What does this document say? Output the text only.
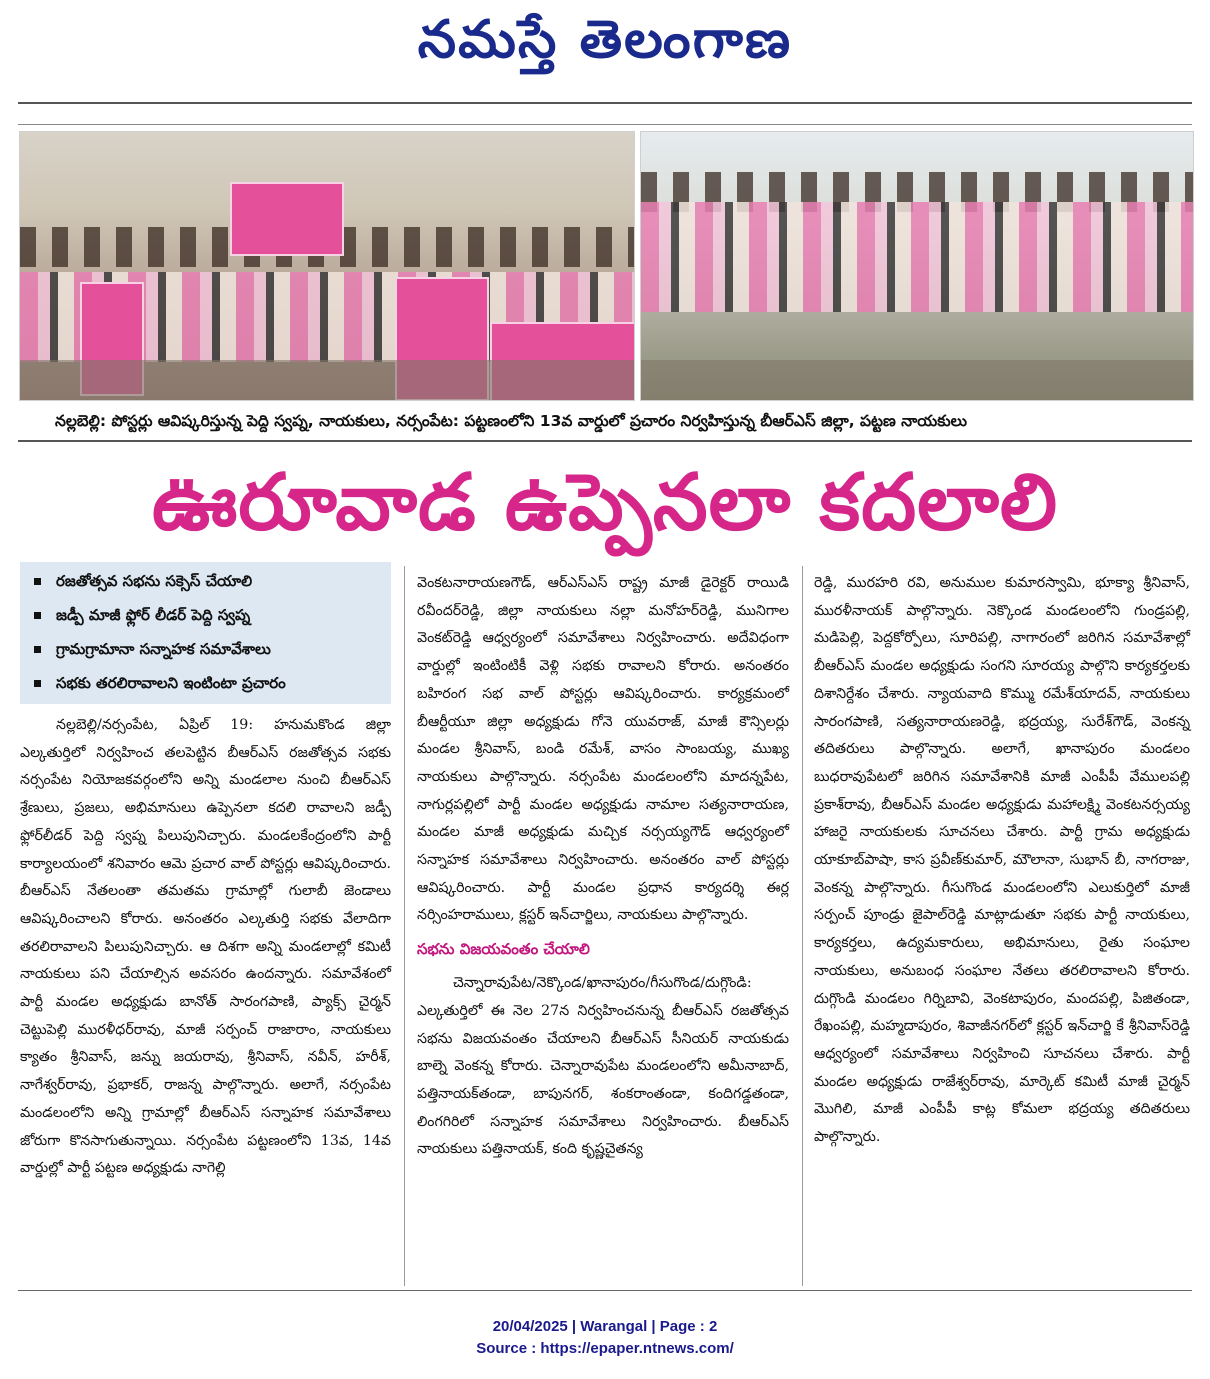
నమస్తే తెలంగాణ
నల్లబెల్లి: పోస్టర్లు ఆవిష్కరిస్తున్న పెద్ది స్వప్న, నాయకులు, నర్సంపేట: పట్టణంలోని 13వ వార్డులో ప్రచారం నిర్వహిస్తున్న బీఆర్ఎస్ జిల్లా, పట్టణ నాయకులు
ఊరూవాడ ఉప్పెనలా కదలాలి
రజతోత్సవ సభను సక్సెస్ చేయాలి
జడ్పీ మాజీ ఫ్లోర్ లీడర్ పెద్ది స్వప్న
గ్రామగ్రామానా సన్నాహక సమావేశాలు
సభకు తరలిరావాలని ఇంటింటా ప్రచారం

నల్లబెల్లి/నర్సంపేట, ఏప్రిల్ 19: హనుమకొండ జిల్లా ఎల్కతుర్తిలో నిర్వహించ తలపెట్టిన బీఆర్ఎస్ రజతోత్సవ సభకు నర్సంపేట నియోజకవర్గంలోని అన్ని మండలాల నుంచి బీఆర్ఎస్ శ్రేణులు, ప్రజలు, అభిమానులు ఉప్పెనలా కదలి రావాలని జడ్పీ ఫ్లోర్‌లీడర్ పెద్ది స్వప్న పిలుపునిచ్చారు. మండలకేంద్రంలోని పార్టీ కార్యాలయంలో శనివారం ఆమె ప్రచార వాల్ పోస్టర్లు ఆవిష్కరించారు. బీఆర్ఎస్ నేతలంతా తమతమ గ్రామాల్లో గులాబీ జెండాలు ఆవిష్కరించాలని కోరారు. అనంతరం ఎల్కతుర్తి సభకు వేలాదిగా తరలిరావాలని పిలుపునిచ్చారు. ఆ దిశగా అన్ని మండలాల్లో కమిటీ నాయకులు పని చేయాల్సిన అవసరం ఉందన్నారు. సమావేశంలో పార్టీ మండల అధ్యక్షుడు బానోత్ సారంగపాణి, ప్యాక్స్ చైర్మన్ చెట్టుపెల్లి మురళీధర్‌రావు, మాజీ సర్పంచ్ రాజారాం, నాయకులు క్యాతం శ్రీనివాస్, జన్ను జయరావు, శ్రీనివాస్, నవీన్, హరీశ్, నాగేశ్వర్‌రావు, ప్రభాకర్, రాజన్న పాల్గొన్నారు. అలాగే, నర్సంపేట మండలంలోని అన్ని గ్రామాల్లో బీఆర్ఎస్ సన్నాహక సమావేశాలు జోరుగా కొనసాగుతున్నాయి. నర్సంపేట పట్టణంలోని 13వ, 14వ వార్డుల్లో పార్టీ పట్టణ అధ్యక్షుడు నాగెల్లి

వెంకటనారాయణగౌడ్, ఆర్ఎస్ఎస్ రాష్ట్ర మాజీ డైరెక్టర్ రాయిడి రవీందర్‌రెడ్డి, జిల్లా నాయకులు నల్లా మనోహర్‌రెడ్డి, మునిగాల వెంకట్‌రెడ్డి ఆధ్వర్యంలో సమావేశాలు నిర్వహించారు. అదేవిధంగా వార్డుల్లో ఇంటింటికీ వెళ్లి సభకు రావాలని కోరారు. అనంతరం బహిరంగ సభ వాల్ పోస్టర్లు ఆవిష్కరించారు. కార్యక్రమంలో బీఆర్టీయూ జిల్లా అధ్యక్షుడు గోనె యువరాజ్, మాజీ కౌన్సిలర్లు మండల శ్రీనివాస్, బండి రమేశ్, వాసం సాంబయ్య, ముఖ్య నాయకులు పాల్గొన్నారు. నర్సంపేట మండలంలోని మాదన్నపేట, నాగుర్లపల్లిలో పార్టీ మండల అధ్యక్షుడు నామాల సత్యనారాయణ, మండల మాజీ అధ్యక్షుడు మచ్చిక నర్సయ్యగౌడ్ ఆధ్వర్యంలో సన్నాహక సమావేశాలు నిర్వహించారు. అనంతరం వాల్ పోస్టర్లు ఆవిష్కరించారు. పార్టీ మండల ప్రధాన కార్యదర్శి ఈర్ల నర్సింహరాములు, క్లస్టర్ ఇన్‌చార్జిలు, నాయకులు పాల్గొన్నారు.

సభను విజయవంతం చేయాలి

చెన్నారావుపేట/నెక్కొండ/ఖానాపురం/గీసుగొండ/దుగ్గొండి: ఎల్కతుర్తిలో ఈ నెల 27న నిర్వహించనున్న బీఆర్ఎస్ రజతోత్సవ సభను విజయవంతం చేయాలని బీఆర్ఎస్ సీనియర్ నాయకుడు బాల్నె వెంకన్న కోరారు. చెన్నారావుపేట మండలంలోని అమీనాబాద్, పత్తినాయక్‌తండా, బాపునగర్, శంకరాంతండా, కందిగడ్డతండా, లింగగిరిలో సన్నాహక సమావేశాలు నిర్వహించారు. బీఆర్ఎస్ నాయకులు పత్తినాయక్, కంది కృష్ణచైతన్య

రెడ్డి, మురహరి రవి, అనుముల కుమారస్వామి, భూక్యా శ్రీనివాస్, మురళీనాయక్ పాల్గొన్నారు. నెక్కొండ మండలంలోని గుండ్రపల్లి, మడిపెల్లి, పెద్దకోర్పోలు, సూరిపల్లి, నాగారంలో జరిగిన సమావేశాల్లో బీఆర్ఎస్ మండల అధ్యక్షుడు సంగని సూరయ్య పాల్గొని కార్యకర్తలకు దిశానిర్దేశం చేశారు. న్యాయవాది కొమ్ము రమేశ్‌యాదవ్, నాయకులు సారంగపాణి, సత్యనారాయణరెడ్డి, భద్రయ్య, సురేశ్‌గౌడ్, వెంకన్న తదితరులు పాల్గొన్నారు. అలాగే, ఖానాపురం మండలం బుధరావుపేటలో జరిగిన సమావేశానికి మాజీ ఎంపీపీ వేములపల్లి ప్రకాశ్‌రావు, బీఆర్ఎస్ మండల అధ్యక్షుడు మహాలక్ష్మి వెంకటనర్సయ్య హాజరై నాయకులకు సూచనలు చేశారు. పార్టీ గ్రామ అధ్యక్షుడు యాకూబ్‌పాషా, కాస ప్రవీణ్‌కుమార్, మౌలానా, సుభాన్ బీ, నాగరాజు, వెంకన్న పాల్గొన్నారు. గీసుగొండ మండలంలోని ఎలుకుర్తిలో మాజీ సర్పంచ్ పూండ్రు జైపాల్‌రెడ్డి మాట్లాడుతూ సభకు పార్టీ నాయకులు, కార్యకర్తలు, ఉద్యమకారులు, అభిమానులు, రైతు సంఘాల నాయకులు, అనుబంధ సంఘాల నేతలు తరలిరావాలని కోరారు. దుగ్గొండి మండలం గిర్నిబావి, వెంకటాపురం, మందపల్లి, పిజితండా, రేఖంపల్లి, మహ్మదాపురం, శివాజీనగర్‌లో క్లస్టర్ ఇన్‌చార్జి కే శ్రీనివాస్‌రెడ్డి ఆధ్వర్యంలో సమావేశాలు నిర్వహించి సూచనలు చేశారు. పార్టీ మండల అధ్యక్షుడు రాజేశ్వర్‌రావు, మార్కెట్ కమిటీ మాజీ చైర్మన్ మొగిలి, మాజీ ఎంపీపీ కాట్ల కోమలా భద్రయ్య తదితరులు పాల్గొన్నారు.

20/04/2025 | Warangal | Page : 2
Source : https://epaper.ntnews.com/
